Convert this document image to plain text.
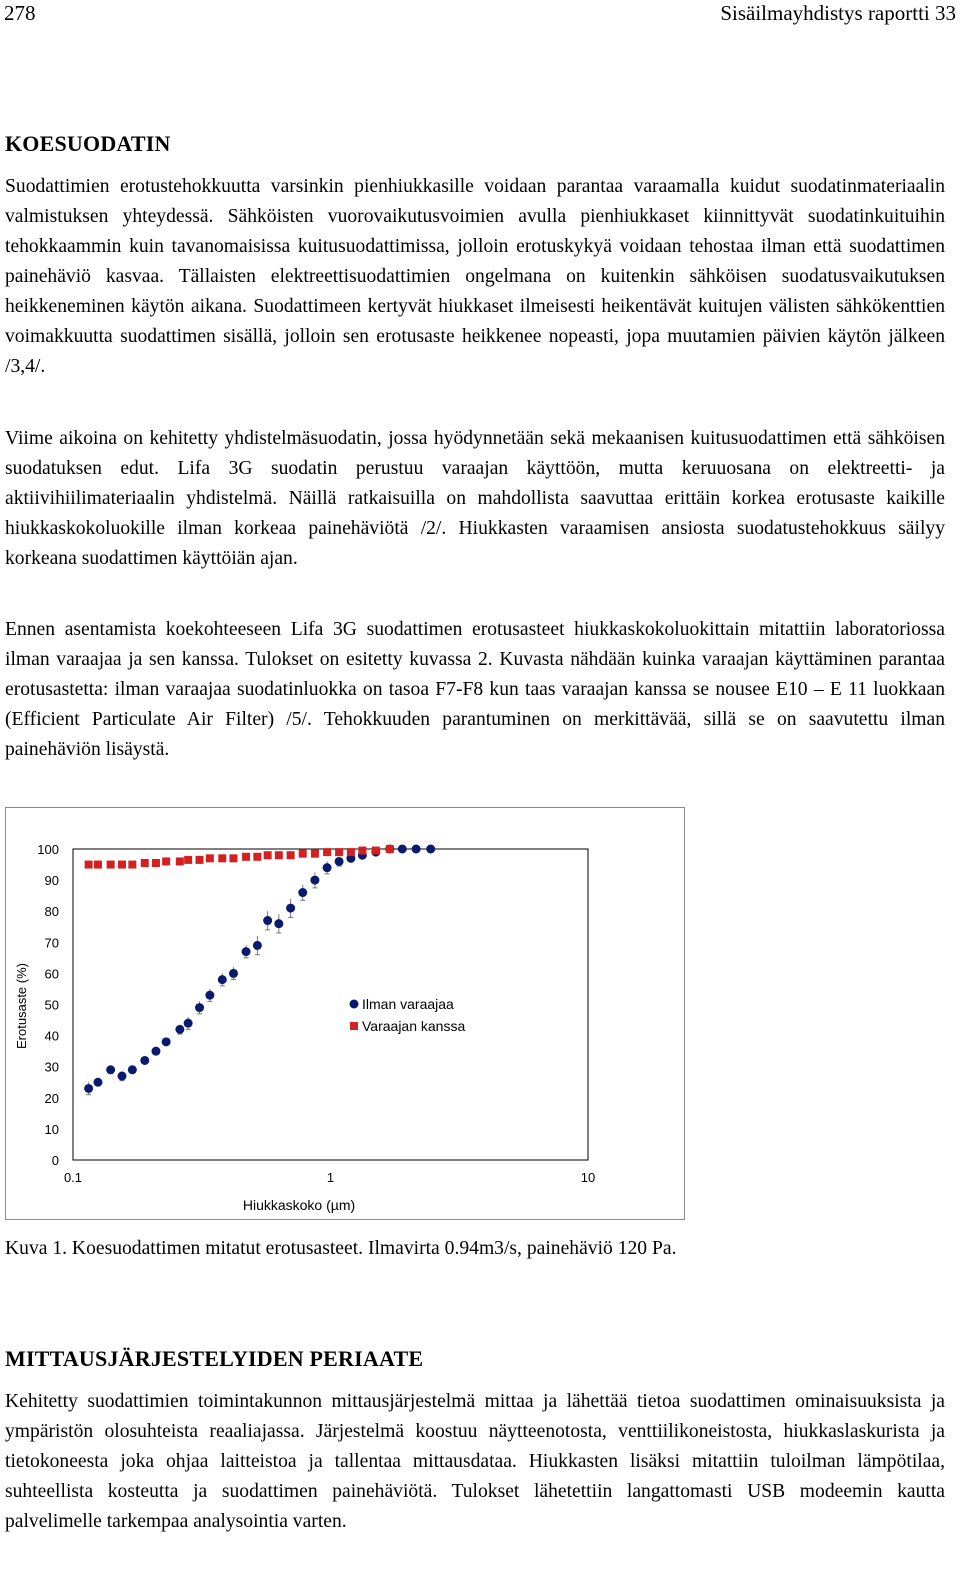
278	Sisäilmayhdistys raportti 33
KOESUODATIN

Suodattimien erotustehokkuutta varsinkin pienhiukkasille voidaan parantaa varaamalla kuidut suodatinmateriaalin valmistuksen yhteydessä. Sähköisten vuorovaikutusvoimien avulla pienhiukkaset kiinnittyvät suodatinkuituihin tehokkaammin kuin tavanomaisissa kuitusuodattimissa, jolloin erotuskykyä voidaan tehostaa ilman että suodattimen painehäviö kasvaa. Tällaisten elektreettisuodattimien ongelmana on kuitenkin sähköisen suodatusvaikutuksen heikkeneminen käytön aikana. Suodattimeen kertyvät hiukkaset ilmeisesti heikentävät kuitujen välisten sähkökenttien voimakkuutta suodattimen sisällä, jolloin sen erotusaste heikkenee nopeasti, jopa muutamien päivien käytön jälkeen /3,4/.

Viime aikoina on kehitetty yhdistelmäsuodatin, jossa hyödynnetään sekä mekaanisen kuitusuodattimen että sähköisen suodatuksen edut. Lifa 3G suodatin perustuu varaajan käyttöön, mutta keruuosana on elektreetti- ja aktiivihiilimateriaalin yhdistelmä. Näillä ratkaisuilla on mahdollista saavuttaa erittäin korkea erotusaste kaikille hiukkaskokoluokille ilman korkeaa painehäviötä /2/. Hiukkasten varaamisen ansiosta suodatustehokkuus säilyy korkeana suodattimen käyttöiän ajan.

Ennen asentamista koekohteeseen Lifa 3G suodattimen erotusasteet hiukkaskokoluokittain mitattiin laboratoriossa ilman varaajaa ja sen kanssa. Tulokset on esitetty kuvassa 2. Kuvasta nähdään kuinka varaajan käyttäminen parantaa erotusastetta: ilman varaajaa suodatinluokka on tasoa F7-F8 kun taas varaajan kanssa se nousee E10 – E 11 luokkaan (Efficient Particulate Air Filter) /5/. Tehokkuuden parantuminen on merkittävää, sillä se on saavutettu ilman painehäviön lisäystä.

0
10
20
30
40
50
60
70
80
90
100
0.1	1	10
Erotusaste (%)
Hiukkaskoko (µm)
Ilman varaajaa
Varaajan kanssa
Kuva 1. Koesuodattimen mitatut erotusasteet. Ilmavirta 0.94m3/s, painehäviö 120 Pa.
MITTAUSJÄRJESTELYIDEN PERIAATE

Kehitetty suodattimien toimintakunnon mittausjärjestelmä mittaa ja lähettää tietoa suodattimen ominaisuuksista ja ympäristön olosuhteista reaaliajassa. Järjestelmä koostuu näytteenotosta, venttiilikoneistosta, hiukkaslaskurista ja tietokoneesta joka ohjaa laitteistoa ja tallentaa mittausdataa. Hiukkasten lisäksi mitattiin tuloilman lämpötilaa, suhteellista kosteutta ja suodattimen painehäviötä. Tulokset lähetettiin langattomasti USB modeemin kautta palvelimelle tarkempaa analysointia varten.
